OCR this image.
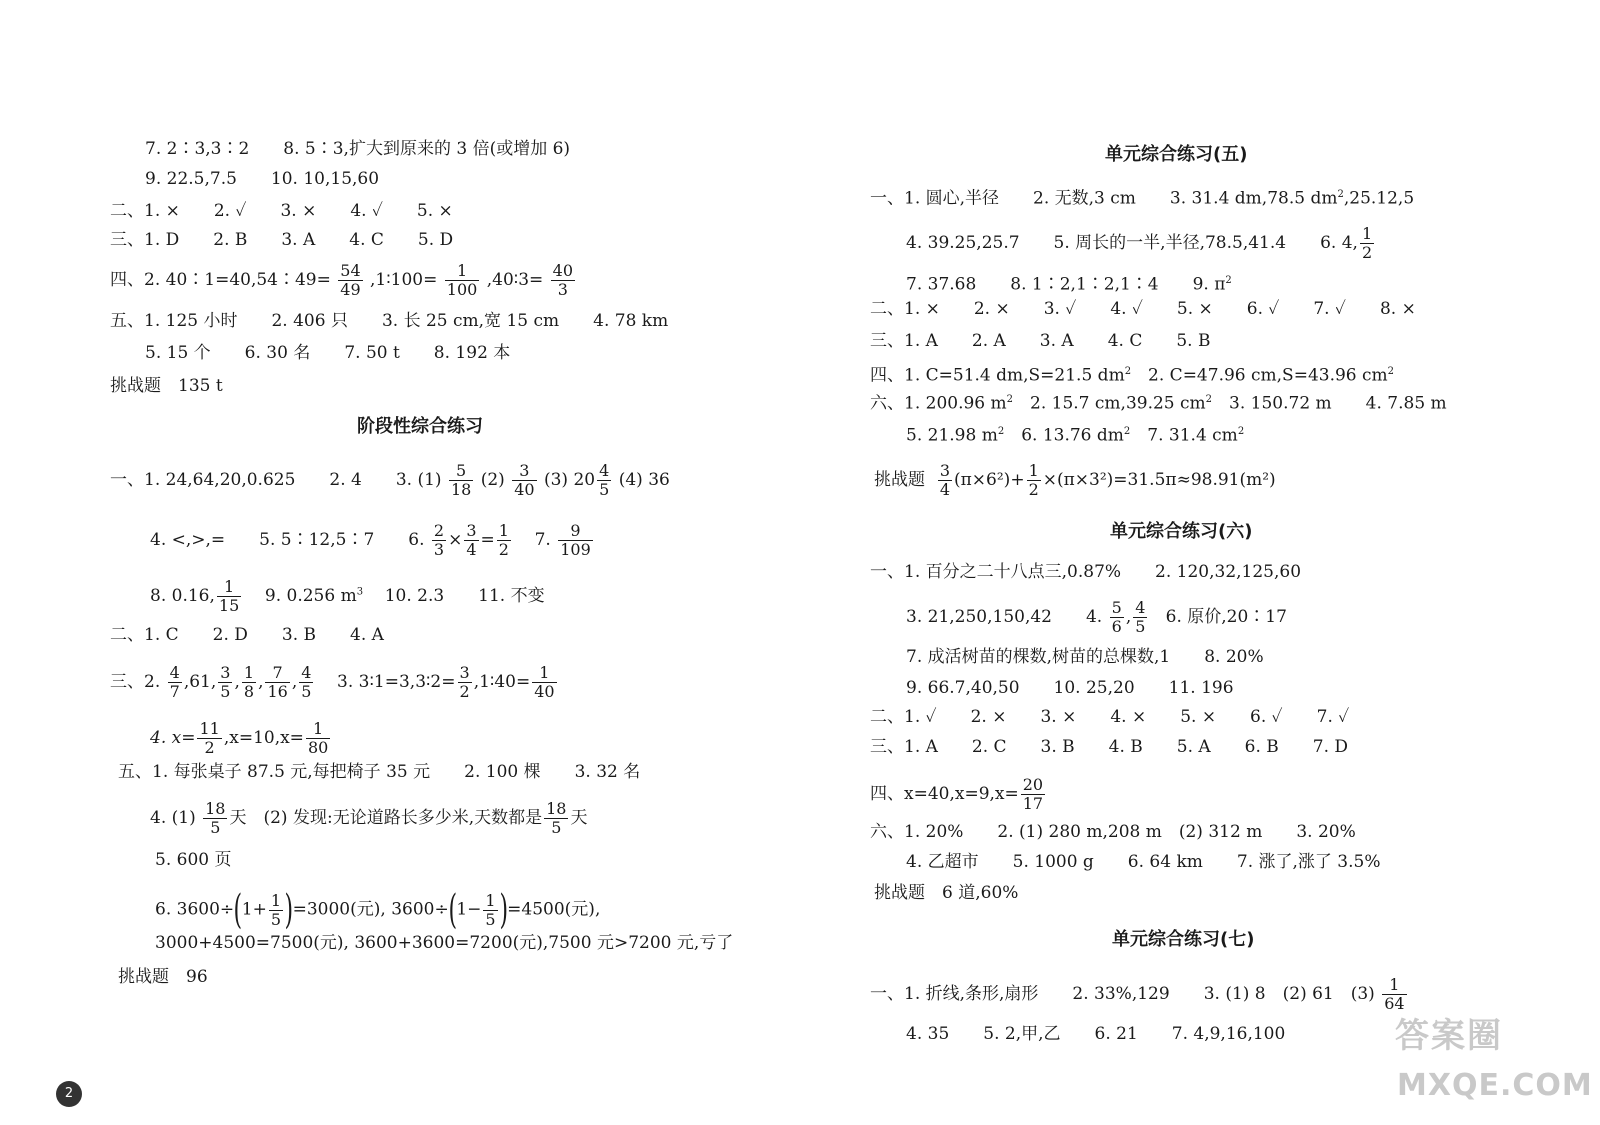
7. 2∶3,3∶2　　8. 5∶3,扩大到原来的 3 倍(或增加 6)
9. 22.5,7.5　　10. 10,15,60
二、1. ×　　2. ✓　　3. ×　　4. ✓　　5. ×
三、1. D　　2. B　　3. A　　4. C　　5. D
四、2. 40∶1=40,54∶49= $\frac{54}{49}$ ,1∶100= $\frac{1}{100}$ ,40∶3= $\frac{40}{3}$
五、1. 125 小时　　2. 406 只　　3. 长 25 cm,宽 15 cm　　4. 78 km
5. 15 个　　6. 30 名　　7. 50 t　　8. 192 本
挑战题　135 t
阶段性综合练习
一、1. 24,64,20,0.625　　2. 4　　3. $(1) \frac{5}{18} (2) \frac{3}{40} (3)$ $20 \frac{4}{5} (4)$ 36
4. <,>,=　　5. 5∶12,5∶7　　6. $\frac{2}{3} \times \frac{3}{4} = \frac{1}{2} 7$. $\frac{9}{109}$
8. 0.16, $\frac{1}{15} 9$. 0.256 $m^3$ 10. 2.3　　11. 不变
二、1. C　　2. D　　3. B　　4. A
三、2. $\frac{4}{7} ,61$, $\frac{3}{5}$ , $\frac{1}{8}$ , $\frac{7}{16}$ , $\frac{4}{5} 3$. 3∶1=3,3∶2= $\frac{3}{2}$ ,1∶40= $\frac{1}{40}$
4. $x= \frac{11}{2} ,x=10,x= \frac{1}{80}$
五、1. 每张桌子 87.5 元,每把椅子 35 元　　2. 100 棵　　3. 32 名
4. $(1) \frac{18}{5}$ 天　(2) 发现:无论道路长多少米,天数都是 $\frac{18}{5}$ 天
5. 600 页
6. $3600\div(1+ \frac{1}{5} )=3000$(元), $3600\div(1- \frac{1}{5} )=4500$(元),
3000+4500=7500(元), 3600+3600=7200(元),7500 元>7200 元,亏了
挑战题　96
2
单元综合练习(五)
一、1. 圆心,半径　　2. 无数,3 cm　　3. 31.4 dm,78.5 $dm^2,25.12,5$
4. 39.25,25.7　　5. 周长的一半,半径,78.5,41.4　　6. 4, $\frac{1}{2}$
7. 37.68　　8. 1∶2,1∶2,1∶4　　9. $\pi^2$
二、1. ×　　2. ×　　3. ✓　　4. ✓　　5. ×　　6. ✓　　7. ✓　　8. ×
三、1. A　　2. A　　3. A　　4. C　　5. B
四、1. C=51.4 dm,S=21.5 $dm^2$　2. C=47.96 cm,S=43.96 $cm^2$
六、1. 200.96 $m^2$　2. 15.7 cm,39.25 $cm^2$　3. 150.72 m　　4. 7.85 m
5. 21.98 $m^2$　6. 13.76 $dm^2$　7. 31.4 $cm^2$
挑战题 $\frac{3}{4} (\pi\times 6^2)+ \frac{1}{2} \times(\pi\times 3^2)=31.5\pi\approx 98.91(m^2)$
单元综合练习(六)
一、1. 百分之二十八点三,0.87%　　2. 120,32,125,60
3. 21,250,150,42　　4. $\frac{5}{6}$ , $\frac{4}{5} 6$. 原价,20∶17
7. 成活树苗的棵数,树苗的总棵数,1　　8. 20%
9. 66.7,40,50　　10. 25,20　　11. 196
二、1. ✓　　2. ×　　3. ×　　4. ×　　5. ×　　6. ✓　　7. ✓
三、1. A　　2. C　　3. B　　4. B　　5. A　　6. B　　7. D
四、$x=40,x=9,x= \frac{20}{17}$
六、1. 20%　　2. (1) 280 m,208 m　(2) 312 m　　3. 20%
4. 乙超市　　5. 1000 g　　6. 64 km　　7. 涨了,涨了 3.5%
挑战题　6 道,60%
单元综合练习(七)
一、1. 折线,条形,扇形　　2. 33%,129　　3. (1) 8　(2) 61　$(3) \frac{1}{64}$
4. 35　　5. 2,甲,乙　　6. 21　　7. 4,9,16,100	答案圈
MXQE.COM
